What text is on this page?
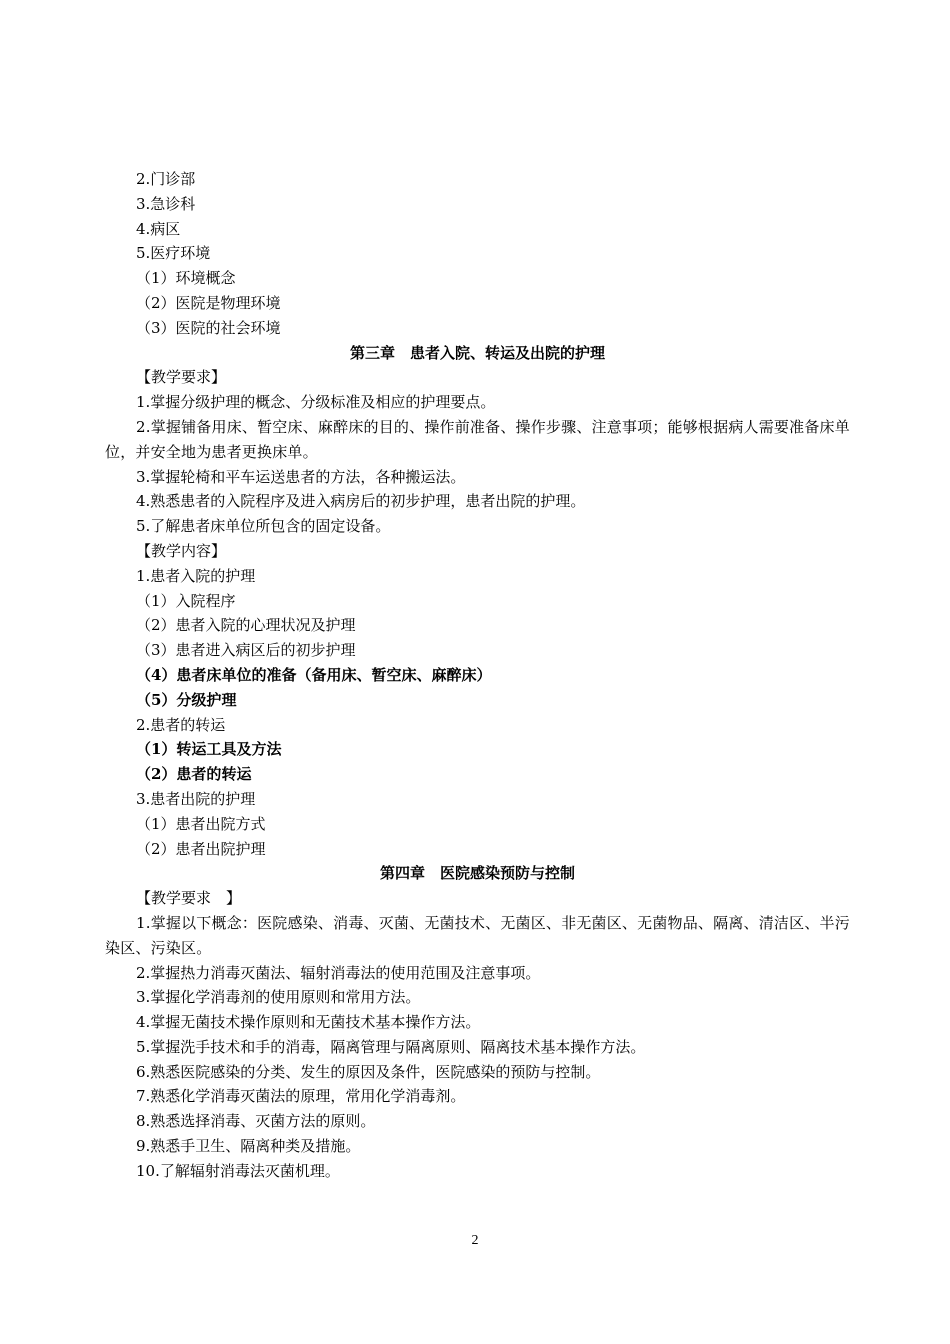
2.门诊部
3.急诊科
4.病区
5.医疗环境
（1）环境概念
（2）医院是物理环境
（3）医院的社会环境
第三章　患者入院、转运及出院的护理
【教学要求】
1.掌握分级护理的概念、分级标准及相应的护理要点。
2.掌握铺备用床、暂空床、麻醉床的目的、操作前准备、操作步骤、注意事项；能够根据病人需要准备床单位，并安全地为患者更换床单。
3.掌握轮椅和平车运送患者的方法，各种搬运法。
4.熟悉患者的入院程序及进入病房后的初步护理，患者出院的护理。
5.了解患者床单位所包含的固定设备。
【教学内容】
1.患者入院的护理
（1）入院程序
（2）患者入院的心理状况及护理
（3）患者进入病区后的初步护理
（4）患者床单位的准备（备用床、暂空床、麻醉床）
（5）分级护理
2.患者的转运
（1）转运工具及方法
（2）患者的转运
3.患者出院的护理
（1）患者出院方式
（2）患者出院护理
第四章　医院感染预防与控制
【教学要求　】
1.掌握以下概念：医院感染、消毒、灭菌、无菌技术、无菌区、非无菌区、无菌物品、隔离、清洁区、半污染区、污染区。
2.掌握热力消毒灭菌法、辐射消毒法的使用范围及注意事项。
3.掌握化学消毒剂的使用原则和常用方法。
4.掌握无菌技术操作原则和无菌技术基本操作方法。
5.掌握洗手技术和手的消毒，隔离管理与隔离原则、隔离技术基本操作方法。
6.熟悉医院感染的分类、发生的原因及条件，医院感染的预防与控制。
7.熟悉化学消毒灭菌法的原理，常用化学消毒剂。
8.熟悉选择消毒、灭菌方法的原则。
9.熟悉手卫生、隔离种类及措施。
10.了解辐射消毒法灭菌机理。
2
